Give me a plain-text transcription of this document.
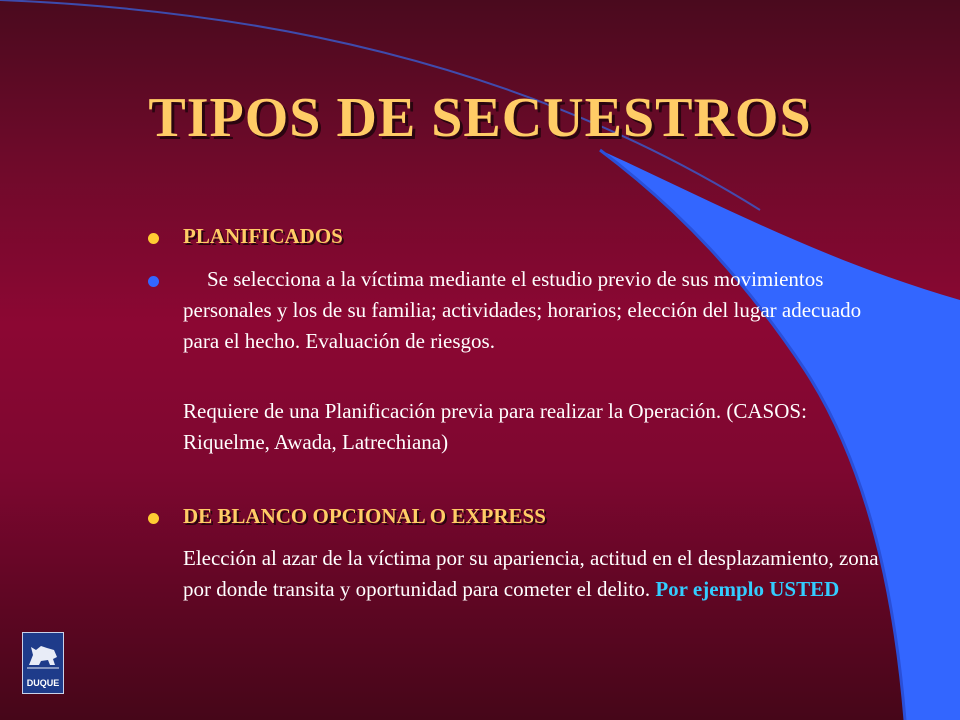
TIPOS DE SECUESTROS
PLANIFICADOS

Se selecciona a la víctima mediante el estudio previo de sus movimientos personales y los de su familia; actividades; horarios; elección del lugar adecuado para el hecho. Evaluación de riesgos.

Requiere de una Planificación previa para realizar la Operación. (CASOS: Riquelme, Awada, Latrechiana)

DE BLANCO OPCIONAL O EXPRESS

Elección al azar de la víctima por su apariencia, actitud en el desplazamiento, zona por donde transita y oportunidad para cometer el delito. Por ejemplo USTED

DUQUE
